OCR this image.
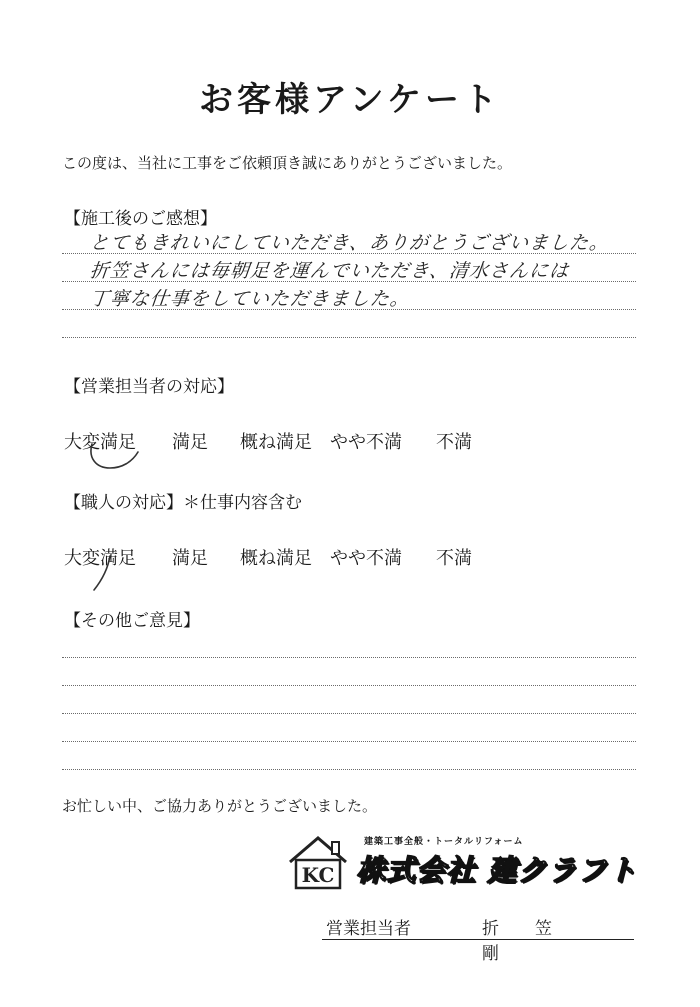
お客様アンケート
この度は、当社に工事をご依頼頂き誠にありがとうございました。
【施工後のご感想】
とてもきれいにしていただき、ありがとうございました。
折笠さんには毎朝足を運んでいただき、清水さんには
丁寧な仕事をしていただきました。
【営業担当者の対応】
大変満足 満足 概ね満足 やや不満 不満
【職人の対応】＊仕事内容含む
大変満足 満足 概ね満足 やや不満 不満
【その他ご意見】
お忙しい中、ご協力ありがとうございました。
KC
建築工事全般・トータルリフォーム
株式会社 建クラフト
営業担当者	折笠　剛
